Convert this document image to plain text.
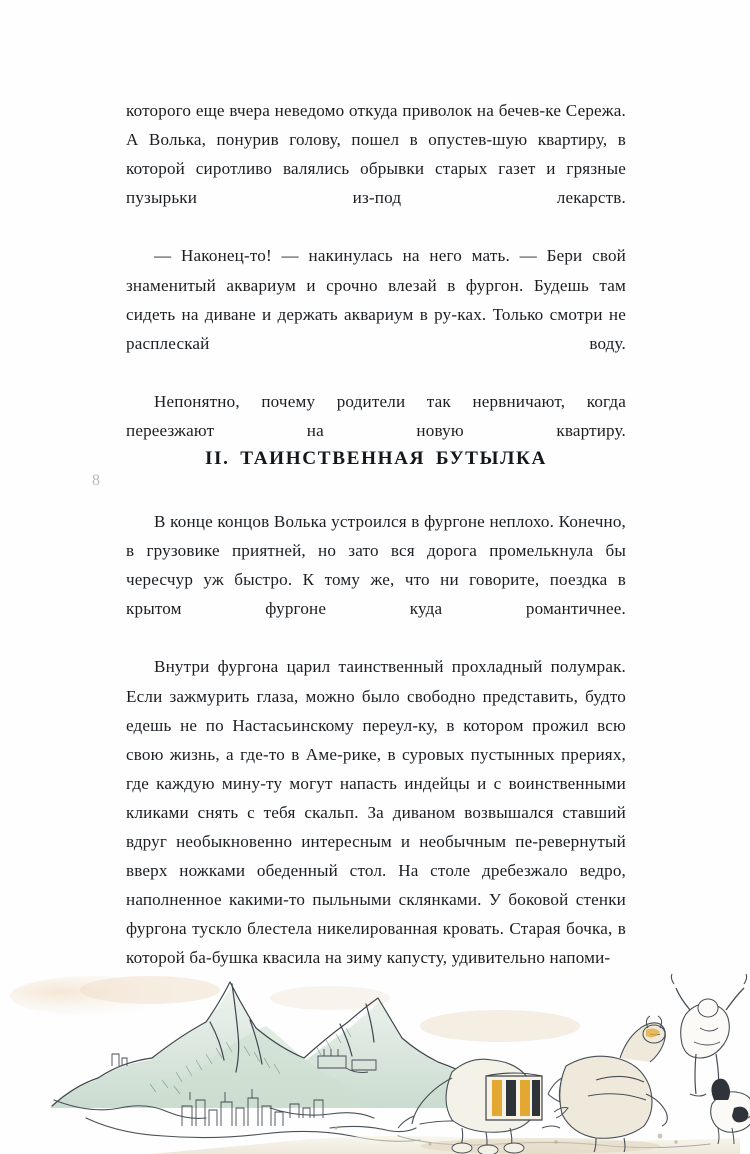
которого еще вчера неведомо откуда приволок на бечев-​ке Сережа. А Волька, понурив голову, пошел в опустев-​шую квартиру, в которой сиротливо валялись обрывки старых газет и грязные пузырьки из-​под лекарств.

— Наконец-​то! — накинулась на него мать. — Бери свой знаменитый аквариум и срочно влезай в фургон. Будешь там сидеть на диване и держать аквариум в ру-​ках. Только смотри не расплескай воду.

Непонятно, почему родители так нервничают, когда переезжают на новую квартиру.

8
II. ТАИНСТВЕННАЯ БУТЫЛКА

В конце концов Волька устроился в фургоне неплохо. Конечно, в грузовике приятней, но зато вся дорога промелькнула бы чересчур уж быстро. К тому же, что ни говорите, поездка в крытом фургоне куда романтичнее.

Внутри фургона царил таинственный прохладный полумрак. Если зажмурить глаза, можно было свободно представить, будто едешь не по Настасьинскому переул-​ку, в котором прожил всю свою жизнь, а где-​то в Аме-​рике, в суровых пустынных прериях, где каждую мину-​ту могут напасть индейцы и с воинственными кликами снять с тебя скальп. За диваном возвышался ставший вдруг необыкновенно интересным и необычным пе-​ревернутый вверх ножками обеденный стол. На столе дребезжало ведро, наполненное какими-​то пыльными склянками. У боковой стенки фургона тускло блестела никелированная кровать. Старая бочка, в которой ба-​бушка квасила на зиму капусту, удивительно напоми-
